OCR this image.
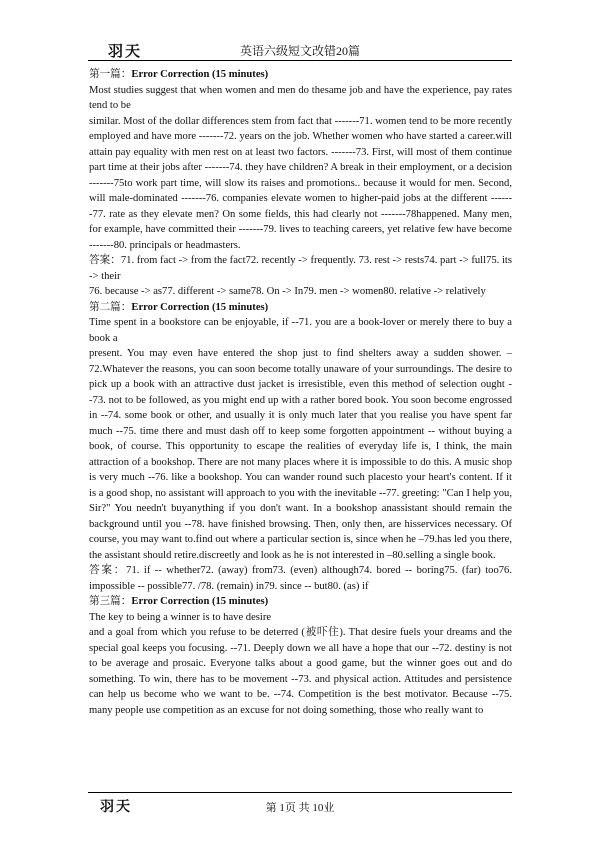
羽天	英语六级短文改错20篇

第一篇：Error Correction (15 minutes)

Most studies suggest that when women and men do thesame job and have the experience, pay rates tend to be

similar. Most of the dollar differences stem from fact that -------71. women tend to be more recently employed and have more -------72. years on the job. Whether women who have started a career.will attain pay equality with men rest on at least two factors. -------73. First, will most of them continue part time at their jobs after -------74. they have children? A break in their employment, or a decision -------75to work part time, will slow its raises and promotions.. because it would for men. Second, will male-dominated -------76. companies elevate women to higher-paid jobs at the different -------77. rate as they elevate men? On some fields, this had clearly not -------78happened. Many men, for example, have committed their -------79. lives to teaching careers, yet relative few have become -------80. principals or headmasters.

答案：71. from fact -> from the fact72. recently -> frequently. 73. rest -> rests74. part -> full75. its -> their

76. because -> as77. different -> same78. On -> In79. men -> women80. relative -> relatively

第二篇：Error Correction (15 minutes)

Time spent in a bookstore can be enjoyable, if --71. you are a book-lover or merely there to buy a book a

present. You may even have entered the shop just to find shelters away a sudden shower. –72.Whatever the reasons, you can soon become totally unaware of your surroundings. The desire to pick up a book with an attractive dust jacket is irresistible, even this method of selection ought --73. not to be followed, as you might end up with a rather bored book. You soon become engrossed in --74. some book or other, and usually it is only much later that you realise you have spent far much --75. time there and must dash off to keep some forgotten appointment -- without buying a book, of course. This opportunity to escape the realities of everyday life is, I think, the main attraction of a bookshop. There are not many places where it is impossible to do this. A music shop is very much --76. like a bookshop. You can wander round such placesto your heart's content. If it is a good shop, no assistant will approach to you with the inevitable --77. greeting: "Can I help you, Sir?" You needn't buyanything if you don't want. In a bookshop anassistant should remain the background until you --78. have finished browsing. Then, only then, are hisservices necessary. Of course, you may want to.find out where a particular section is, since when he –79.has led you there, the assistant should retire.discreetly and look as he is not interested in –80.selling a single book.

答案：71. if -- whether72. (away) from73. (even) although74. bored -- boring75. (far) too76. impossible -- possible77. /78. (remain) in79. since -- but80. (as) if

第三篇：Error Correction (15 minutes)

The key to being a winner is to have desire

and a goal from which you refuse to be deterred (被吓住). That desire fuels your dreams and the special goal keeps you focusing. --71. Deeply down we all have a hope that our --72. destiny is not to be average and prosaic. Everyone talks about a good game, but the winner goes out and do something. To win, there has to be movement --73. and physical action. Attitudes and persistence can help us become who we want to be. --74. Competition is the best motivator. Because --75. many people use competition as an excuse for not doing something, those who really want to

羽天	第 1页 共 10业
